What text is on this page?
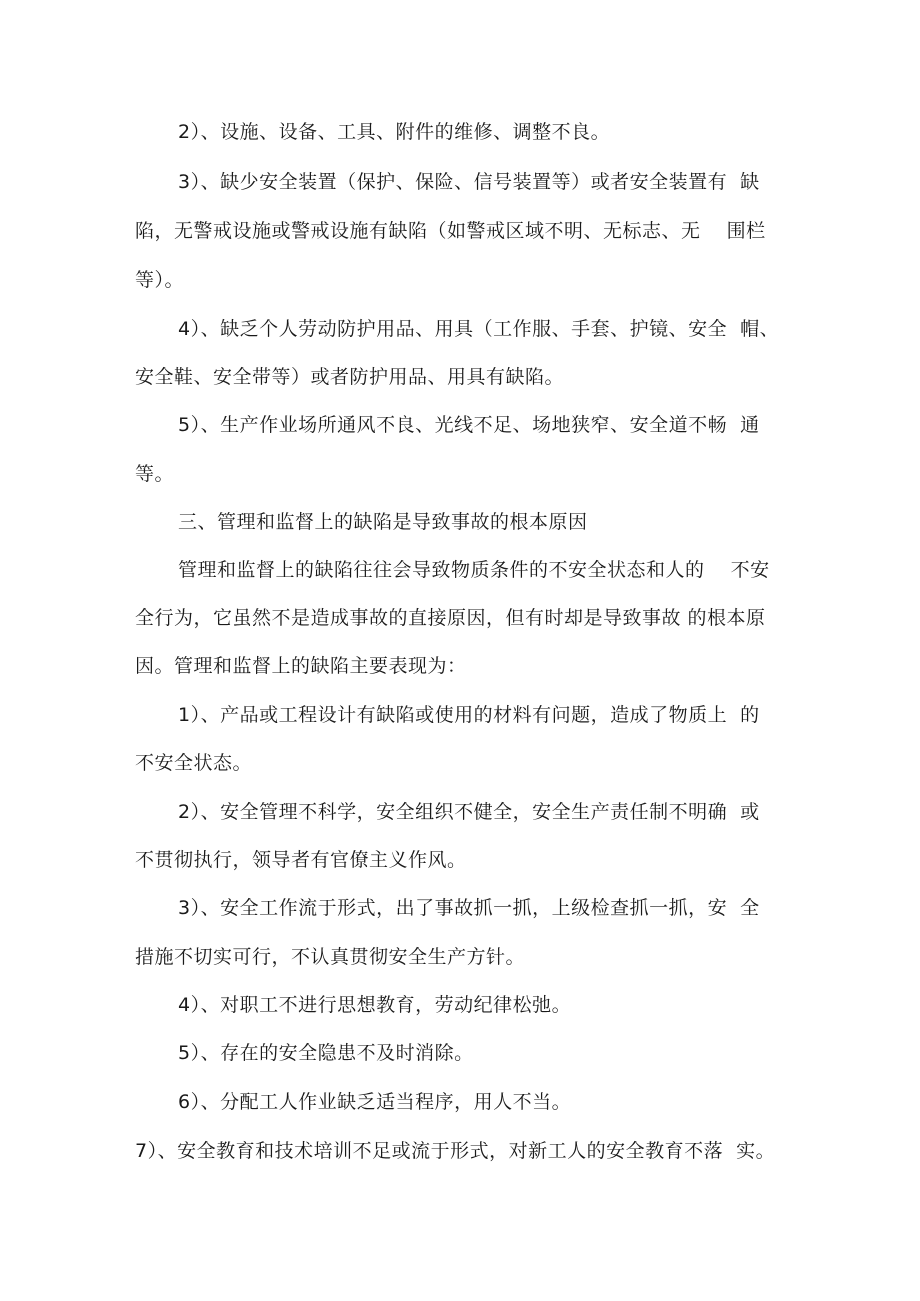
2）、设施、设备、工具、附件的维修、调整不良。
3）、缺少安全装置（保护、保险、信号装置等）或者安全装置有  缺
陷，无警戒设施或警戒设施有缺陷（如警戒区域不明、无标志、无    围栏
等）。
4）、缺乏个人劳动防护用品、用具（工作服、手套、护镜、安全  帽、
安全鞋、安全带等）或者防护用品、用具有缺陷。
5）、生产作业场所通风不良、光线不足、场地狭窄、安全道不畅  通
等。
三、管理和监督上的缺陷是导致事故的根本原因
管理和监督上的缺陷往往会导致物质条件的不安全状态和人的    不安
全行为，它虽然不是造成事故的直接原因，但有时却是导致事故 的根本原
因。管理和监督上的缺陷主要表现为：
1）、产品或工程设计有缺陷或使用的材料有问题，造成了物质上  的
不安全状态。
2）、安全管理不科学，安全组织不健全，安全生产责任制不明确  或
不贯彻执行，领导者有官僚主义作风。
3）、安全工作流于形式，出了事故抓一抓，上级检查抓一抓，安  全
措施不切实可行，不认真贯彻安全生产方针。
4）、对职工不进行思想教育，劳动纪律松弛。
5）、存在的安全隐患不及时消除。
6）、分配工人作业缺乏适当程序，用人不当。
7）、安全教育和技术培训不足或流于形式，对新工人的安全教育不落  实。
